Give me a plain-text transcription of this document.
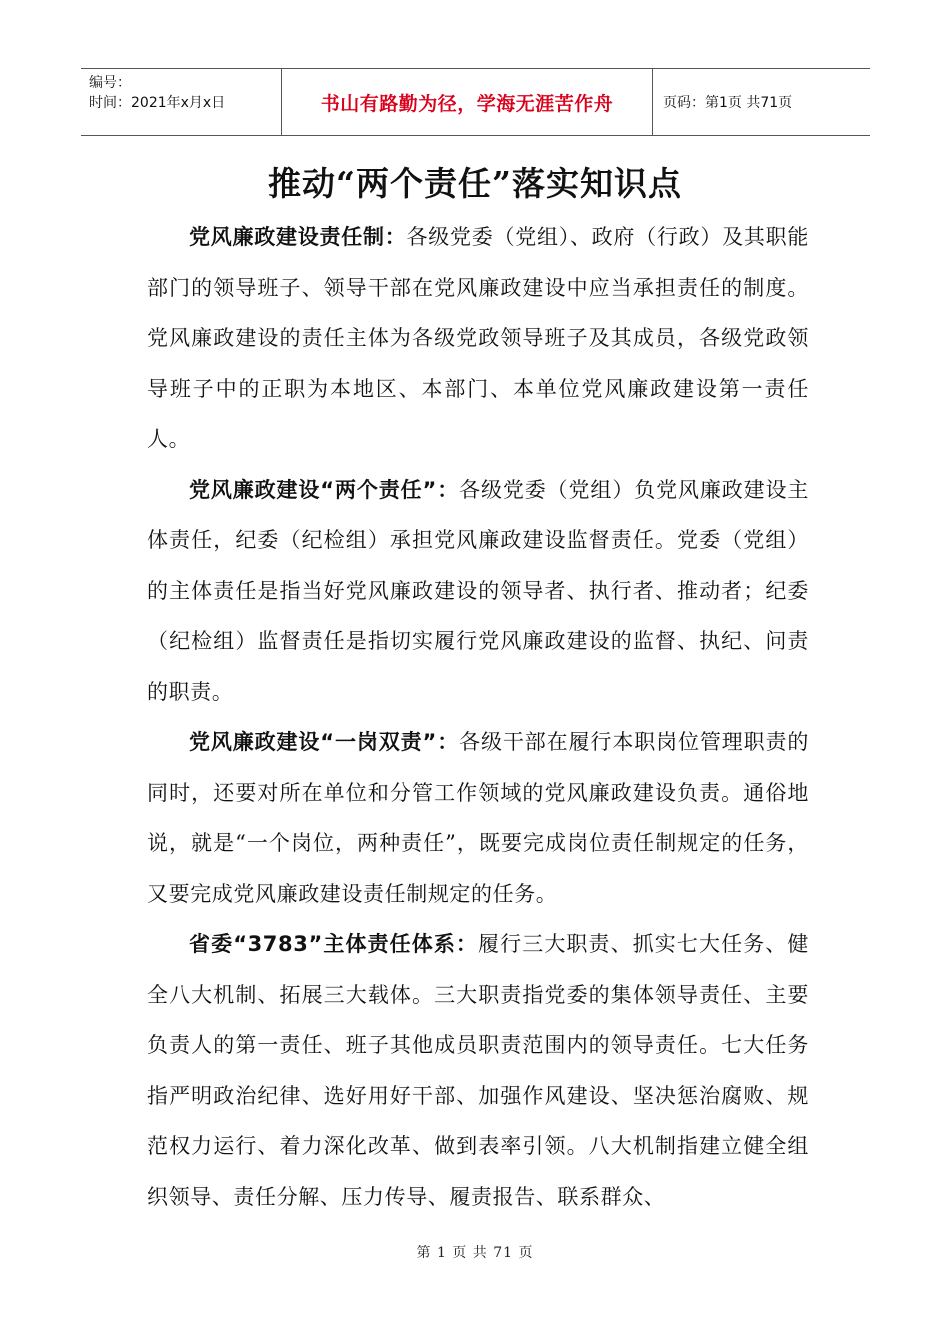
编号：
时间：2021年x月x日	书山有路勤为径，学海无涯苦作舟	页码：第1页 共71页
推动“两个责任”落实知识点

党风廉政建设责任制：各级党委（党组）、政府（行政）及其职能部门的领导班子、领导干部在党风廉政建设中应当承担责任的制度。党风廉政建设的责任主体为各级党政领导班子及其成员，各级党政领导班子中的正职为本地区、本部门、本单位党风廉政建设第一责任人。

党风廉政建设“两个责任”：各级党委（党组）负党风廉政建设主体责任，纪委（纪检组）承担党风廉政建设监督责任。党委（党组）的主体责任是指当好党风廉政建设的领导者、执行者、推动者；纪委（纪检组）监督责任是指切实履行党风廉政建设的监督、执纪、问责的职责。

党风廉政建设“一岗双责”：各级干部在履行本职岗位管理职责的同时，还要对所在单位和分管工作领域的党风廉政建设负责。通俗地说，就是“一个岗位，两种责任”，既要完成岗位责任制规定的任务，又要完成党风廉政建设责任制规定的任务。

省委“3783”主体责任体系：履行三大职责、抓实七大任务、健全八大机制、拓展三大载体。三大职责指党委的集体领导责任、主要负责人的第一责任、班子其他成员职责范围内的领导责任。七大任务指严明政治纪律、选好用好干部、加强作风建设、坚决惩治腐败、规范权力运行、着力深化改革、做到表率引领。八大机制指建立健全组织领导、责任分解、压力传导、履责报告、联系群众、

第 1 页 共 71 页
